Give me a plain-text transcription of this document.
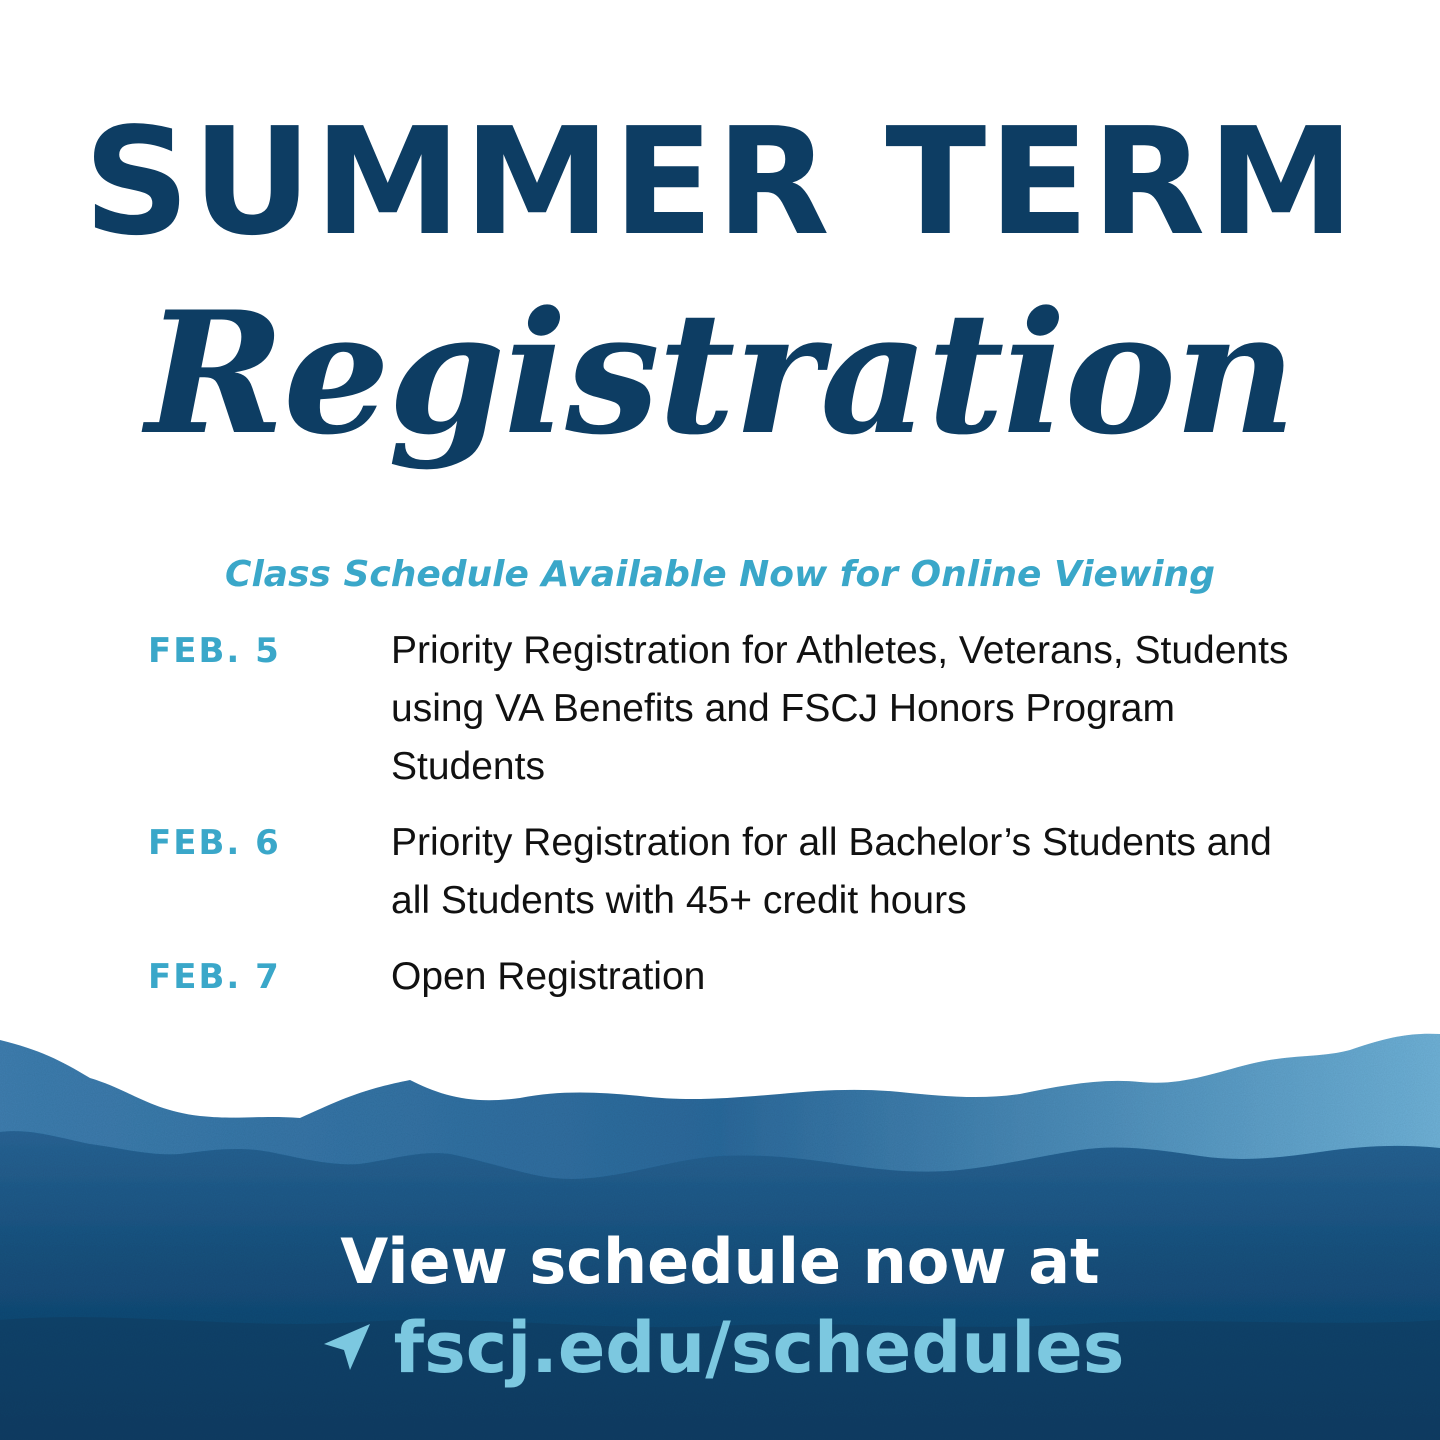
SUMMER TERM
Registration

Class Schedule Available Now for Online Viewing

FEB. 5	Priority Registration for Athletes, Veterans, Students using VA Benefits and FSCJ Honors Program Students
FEB. 6	Priority Registration for all Bachelor’s Students and all Students with 45+ credit hours
FEB. 7	Open Registration

View schedule now at

fscj.edu/schedules
